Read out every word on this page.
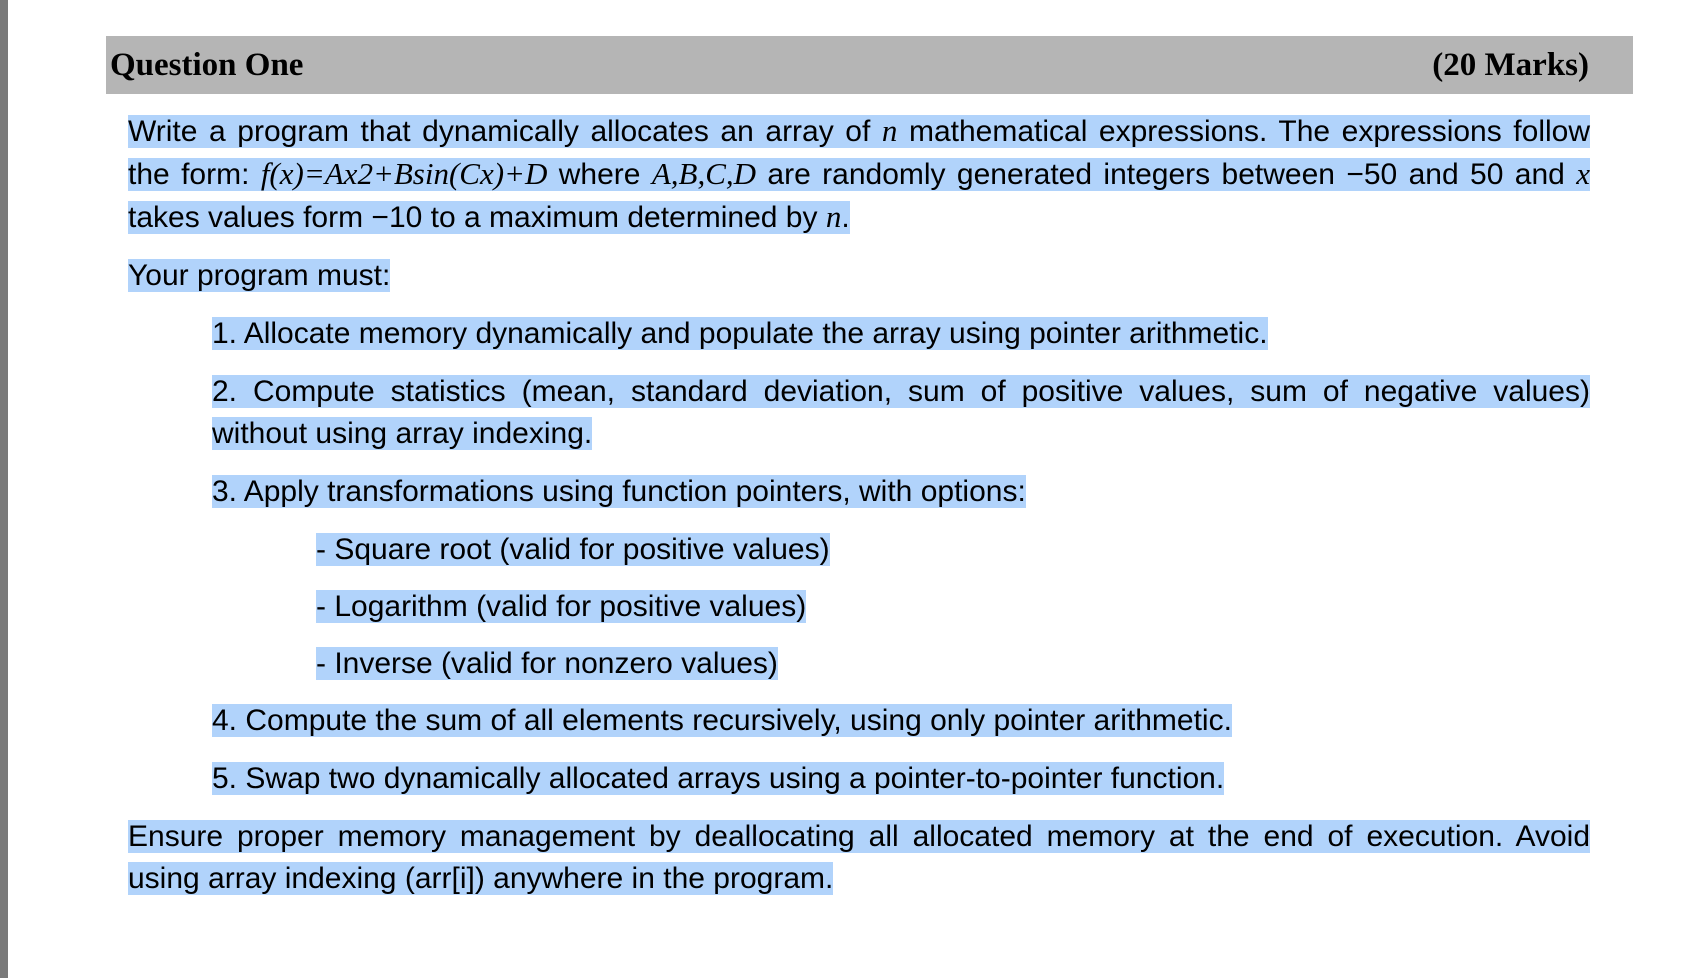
Question One	(20 Marks)

Write a program that dynamically allocates an array of n mathematical expressions. The expressions follow the form: f(x)=Ax2+Bsin(Cx)+D where A,B,C,D are randomly generated integers between −50 and 50 and x takes values form −10 to a maximum determined by n.

Your program must:

1. Allocate memory dynamically and populate the array using pointer arithmetic.

2. Compute statistics (mean, standard deviation, sum of positive values, sum of negative values) without using array indexing.

3. Apply transformations using function pointers, with options:

- Square root (valid for positive values)

- Logarithm (valid for positive values)

- Inverse (valid for nonzero values)

4. Compute the sum of all elements recursively, using only pointer arithmetic.

5. Swap two dynamically allocated arrays using a pointer-to-pointer function.

Ensure proper memory management by deallocating all allocated memory at the end of execution. Avoid using array indexing (arr[i]) anywhere in the program.
